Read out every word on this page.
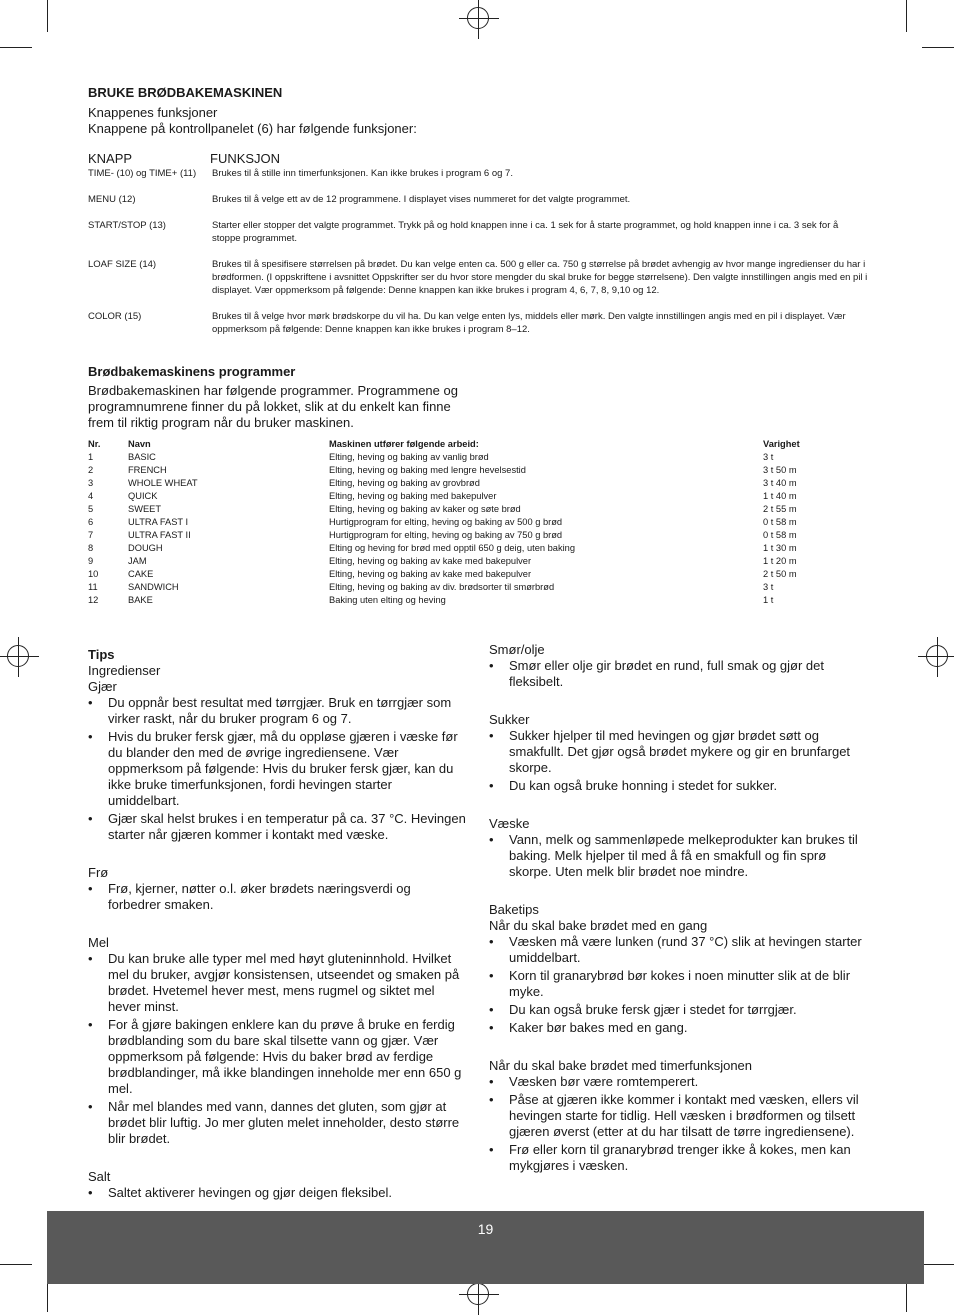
BRUKE BRØDBAKEMASKINEN
Knappenes funksjoner
Knappene på kontrollpanelet (6) har følgende funksjoner:
KNAPP	FUNKSJON
TIME- (10) og TIME+ (11)	Brukes til å stille inn timerfunksjonen. Kan ikke brukes i program 6 og 7.
MENU (12)	Brukes til å velge ett av de 12 programmene. I displayet vises nummeret for det valgte programmet.
START/STOP (13)	Starter eller stopper det valgte programmet. Trykk på og hold knappen inne i ca. 1 sek for å starte programmet, og hold knappen inne i ca. 3 sek for å stoppe programmet.
LOAF SIZE (14)	Brukes til å spesifisere størrelsen på brødet. Du kan velge enten ca. 500 g eller ca. 750 g størrelse på brødet avhengig av hvor mange ingredienser du har i brødformen. (I oppskriftene i avsnittet Oppskrifter ser du hvor store mengder du skal bruke for begge størrelsene). Den valgte innstillingen angis med en pil i displayet. Vær oppmerksom på følgende: Denne knappen kan ikke brukes i program 4, 6, 7, 8, 9,10 og 12.
COLOR (15)	Brukes til å velge hvor mørk brødskorpe du vil ha. Du kan velge enten lys, middels eller mørk. Den valgte innstillingen angis med en pil i displayet. Vær oppmerksom på følgende: Denne knappen kan ikke brukes i program 8–12.
Brødbakemaskinens programmer
Brødbakemaskinen har følgende programmer. Programmene og programnumrene finner du på lokket, slik at du enkelt kan finne frem til riktig program når du bruker maskinen.
Nr.	Navn	Maskinen utfører følgende arbeid:	Varighet
1	BASIC	Elting, heving og baking av vanlig brød	3 t
2	FRENCH	Elting, heving og baking med lengre hevelsestid	3 t 50 m
3	WHOLE WHEAT	Elting, heving og baking av grovbrød	3 t 40 m
4	QUICK	Elting, heving og baking med bakepulver	1 t 40 m
5	SWEET	Elting, heving og baking av kaker og søte brød	2 t 55 m
6	ULTRA FAST I	Hurtigprogram for elting, heving og baking av 500 g brød	0 t 58 m
7	ULTRA FAST II	Hurtigprogram for elting, heving og baking av 750 g brød	0 t 58 m
8	DOUGH	Elting og heving for brød med opptil 650 g deig, uten baking	1 t 30 m
9	JAM	Elting, heving og baking av kake med bakepulver	1 t 20 m
10	CAKE	Elting, heving og baking av kake med bakepulver	2 t 50 m
11	SANDWICH	Elting, heving og baking av div. brødsorter til smørbrød	3 t
12	BAKE	Baking uten elting og heving	1 t

Tips

Ingredienser

Gjær

• Du oppnår best resultat med tørrgjær. Bruk en tørrgjær som virker raskt, når du bruker program 6 og 7.
• Hvis du bruker fersk gjær, må du oppløse gjæren i væske før du blander den med de øvrige ingrediensene. Vær oppmerksom på følgende: Hvis du bruker fersk gjær, kan du ikke bruke timerfunksjonen, fordi hevingen starter umiddelbart.
• Gjær skal helst brukes i en temperatur på ca. 37 °C. Hevingen starter når gjæren kommer i kontakt med væske.

Frø

• Frø, kjerner, nøtter o.l. øker brødets næringsverdi og forbedrer smaken.

Mel

• Du kan bruke alle typer mel med høyt gluteninnhold. Hvilket mel du bruker, avgjør konsistensen, utseendet og smaken på brødet. Hvetemel hever mest, mens rugmel og siktet mel hever minst.
• For å gjøre bakingen enklere kan du prøve å bruke en ferdig brødblanding som du bare skal tilsette vann og gjær. Vær oppmerksom på følgende: Hvis du baker brød av ferdige brødblandinger, må ikke blandingen inneholde mer enn 650 g mel.
• Når mel blandes med vann, dannes det gluten, som gjør at brødet blir luftig. Jo mer gluten melet inneholder, desto større blir brødet.

Salt

• Saltet aktiverer hevingen og gjør deigen fleksibel.

Smør/olje

• Smør eller olje gir brødet en rund, full smak og gjør det fleksibelt.

Sukker

• Sukker hjelper til med hevingen og gjør brødet søtt og smakfullt. Det gjør også brødet mykere og gir en brunfarget skorpe.
• Du kan også bruke honning i stedet for sukker.

Væske

• Vann, melk og sammenløpede melkeprodukter kan brukes til baking. Melk hjelper til med å få en smakfull og fin sprø skorpe. Uten melk blir brødet noe mindre.

Baketips

Når du skal bake brødet med en gang

• Væsken må være lunken (rund 37 °C) slik at hevingen starter umiddelbart.
• Korn til granarybrød bør kokes i noen minutter slik at de blir myke.
• Du kan også bruke fersk gjær i stedet for tørrgjær.
• Kaker bør bakes med en gang.

Når du skal bake brødet med timerfunksjonen

• Væsken bør være romtemperert.
• Påse at gjæren ikke kommer i kontakt med væsken, ellers vil hevingen starte for tidlig. Hell væsken i brødformen og tilsett gjæren øverst (etter at du har tilsatt de tørre ingrediensene).
• Frø eller korn til granarybrød trenger ikke å kokes, men kan mykgjøres i væsken.
19
